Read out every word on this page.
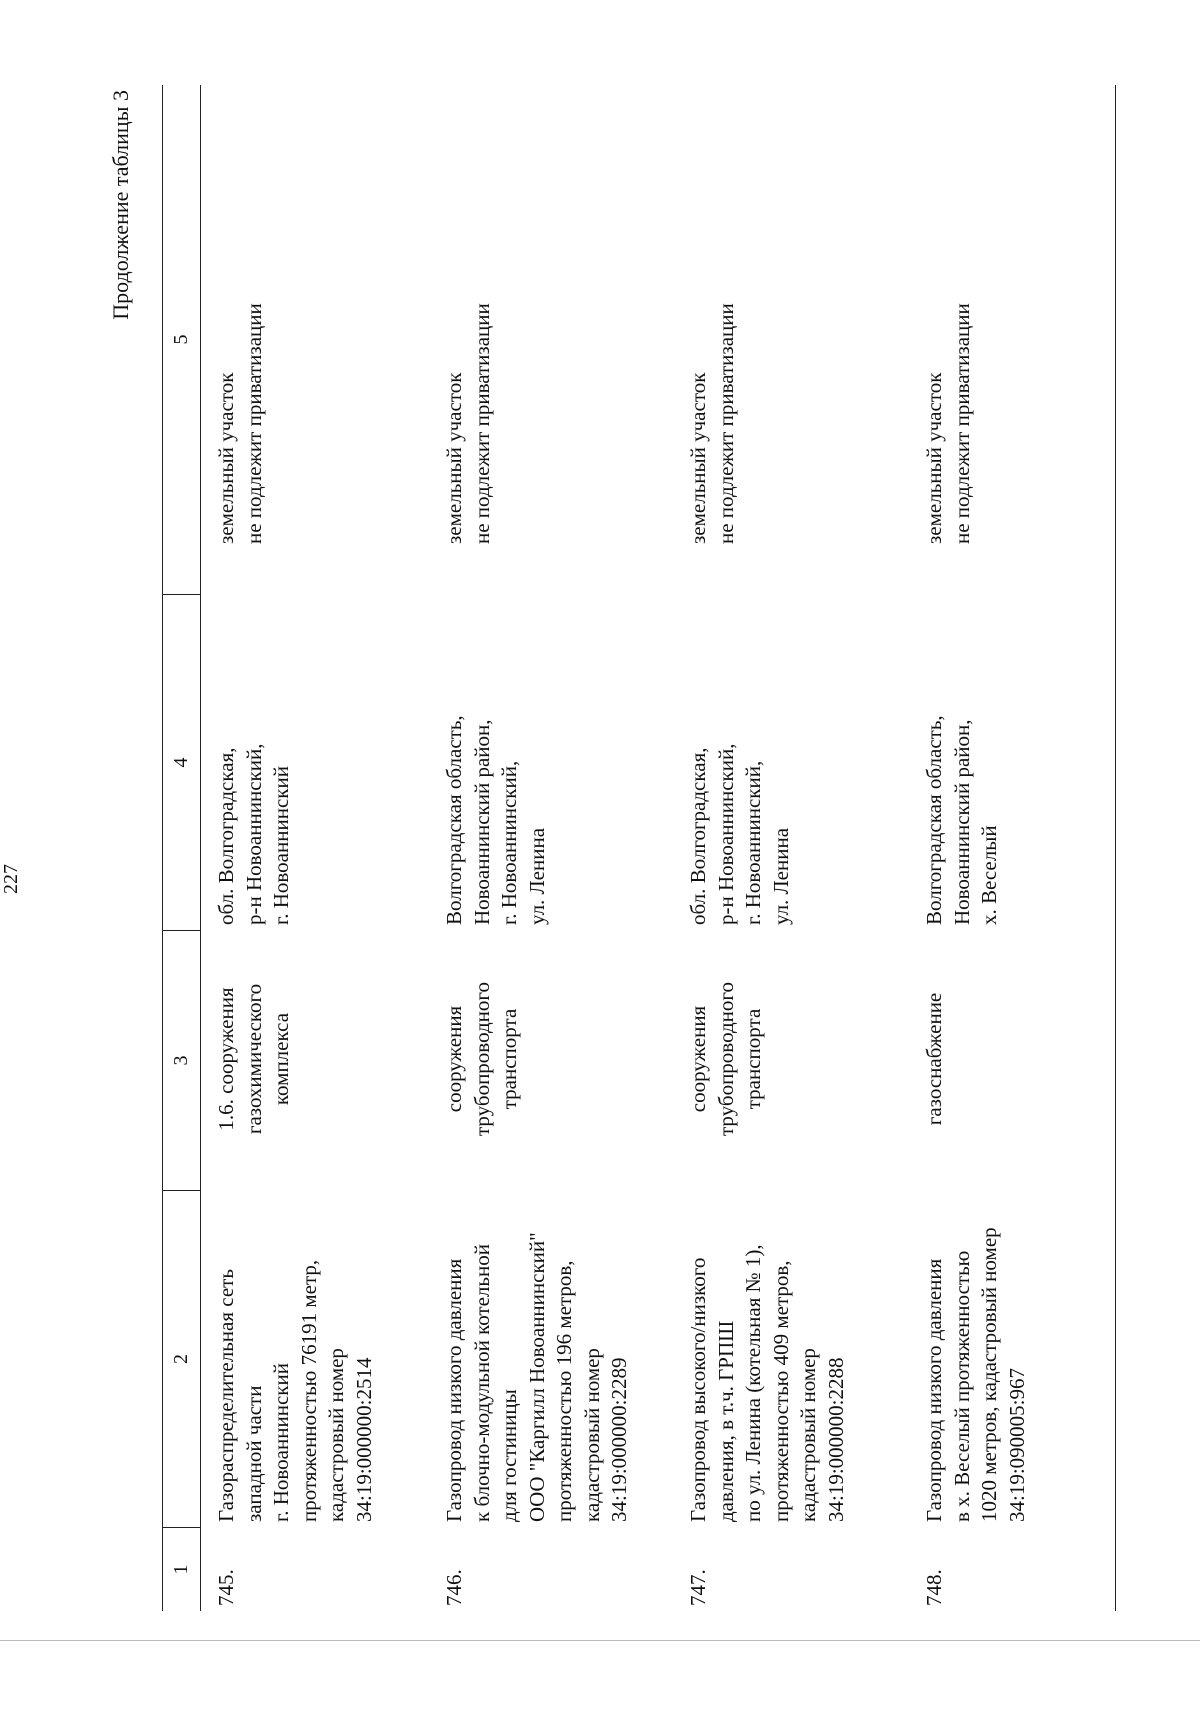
227
Продолжение таблицы 3
1
2
3
4
5
745.
Газораспределительная сеть
западной части
г. Новоаннинский
протяженностью 76191 метр,
кадастровый номер
34:19:000000:2514
1.6. сооружения
газохимического
комплекса
обл. Волгоградская,
р-н Новоаннинский,
г. Новоаннинский
земельный участок
не подлежит приватизации
746.
Газопровод низкого давления
к блочно-модульной котельной
для гостиницы
ООО "Каргилл Новоаннинский"
протяженностью 196 метров,
кадастровый номер
34:19:000000:2289
сооружения
трубопроводного
транспорта
Волгоградская область,
Новоаннинский район,
г. Новоаннинский,
ул. Ленина
земельный участок
не подлежит приватизации
747.
Газопровод высокого/низкого
давления, в т.ч. ГРПШ
по ул. Ленина (котельная № 1),
протяженностью 409 метров,
кадастровый номер
34:19:000000:2288
сооружения
трубопроводного
транспорта
обл. Волгоградская,
р-н Новоаннинский,
г. Новоаннинский,
ул. Ленина
земельный участок
не подлежит приватизации
748.
Газопровод низкого давления
в х. Веселый протяженностью
1020 метров, кадастровый номер
34:19:090005:967
газоснабжение
Волгоградская область,
Новоаннинский район,
х. Веселый
земельный участок
не подлежит приватизации
